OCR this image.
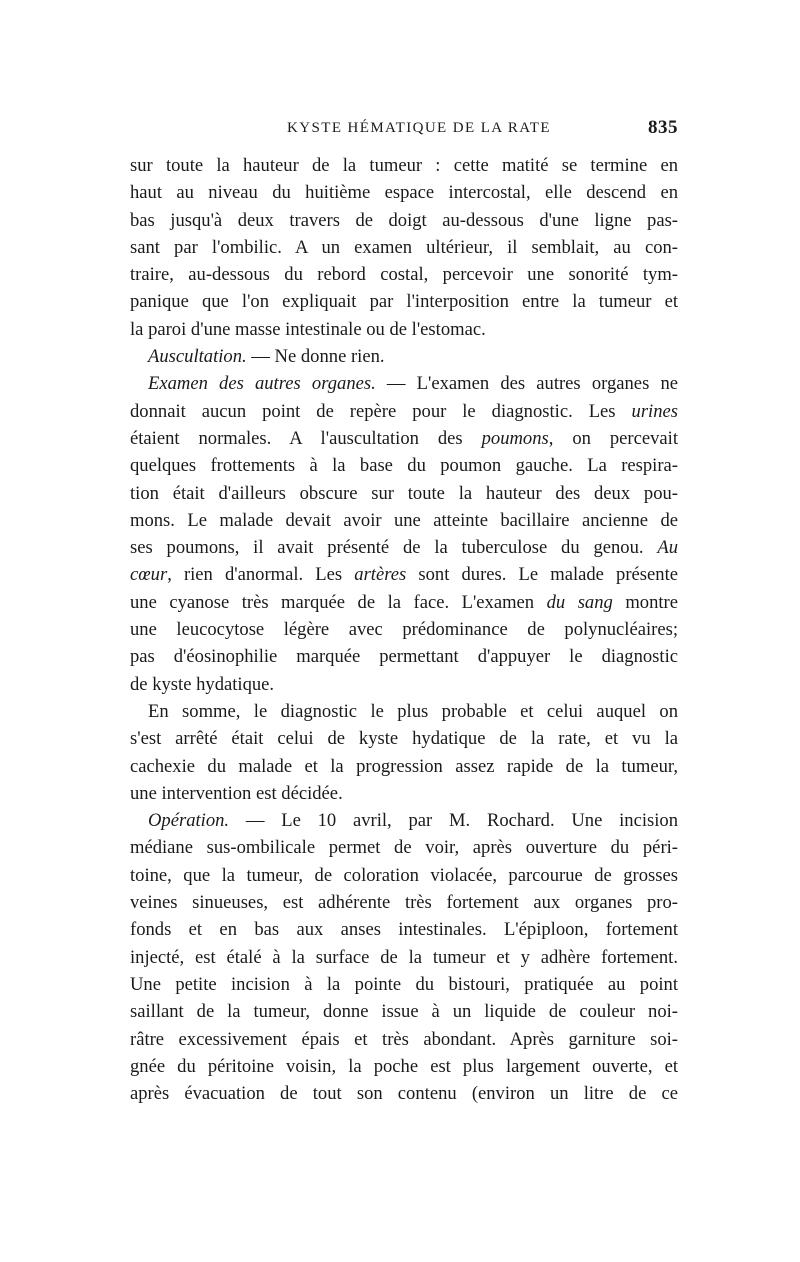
KYSTE HÉMATIQUE DE LA RATE	835
sur toute la hauteur de la tumeur : cette matité se termine en
haut au niveau du huitième espace intercostal, elle descend en
bas jusqu'à deux travers de doigt au-dessous d'une ligne pas-
sant par l'ombilic. A un examen ultérieur, il semblait, au con-
traire, au-dessous du rebord costal, percevoir une sonorité tym-
panique que l'on expliquait par l'interposition entre la tumeur et
la paroi d'une masse intestinale ou de l'estomac.
Auscultation. — Ne donne rien.
Examen des autres organes. — L'examen des autres organes ne
donnait aucun point de repère pour le diagnostic. Les urines
étaient normales. A l'auscultation des poumons, on percevait
quelques frottements à la base du poumon gauche. La respira-
tion était d'ailleurs obscure sur toute la hauteur des deux pou-
mons. Le malade devait avoir une atteinte bacillaire ancienne de
ses poumons, il avait présenté de la tuberculose du genou. Au
cœur, rien d'anormal. Les artères sont dures. Le malade présente
une cyanose très marquée de la face. L'examen du sang montre
une leucocytose légère avec prédominance de polynucléaires;
pas d'éosinophilie marquée permettant d'appuyer le diagnostic
de kyste hydatique.
En somme, le diagnostic le plus probable et celui auquel on
s'est arrêté était celui de kyste hydatique de la rate, et vu la
cachexie du malade et la progression assez rapide de la tumeur,
une intervention est décidée.
Opération. — Le 10 avril, par M. Rochard. Une incision
médiane sus-ombilicale permet de voir, après ouverture du péri-
toine, que la tumeur, de coloration violacée, parcourue de grosses
veines sinueuses, est adhérente très fortement aux organes pro-
fonds et en bas aux anses intestinales. L'épiploon, fortement
injecté, est étalé à la surface de la tumeur et y adhère fortement.
Une petite incision à la pointe du bistouri, pratiquée au point
saillant de la tumeur, donne issue à un liquide de couleur noi-
râtre excessivement épais et très abondant. Après garniture soi-
gnée du péritoine voisin, la poche est plus largement ouverte, et
après évacuation de tout son contenu (environ un litre de ce
